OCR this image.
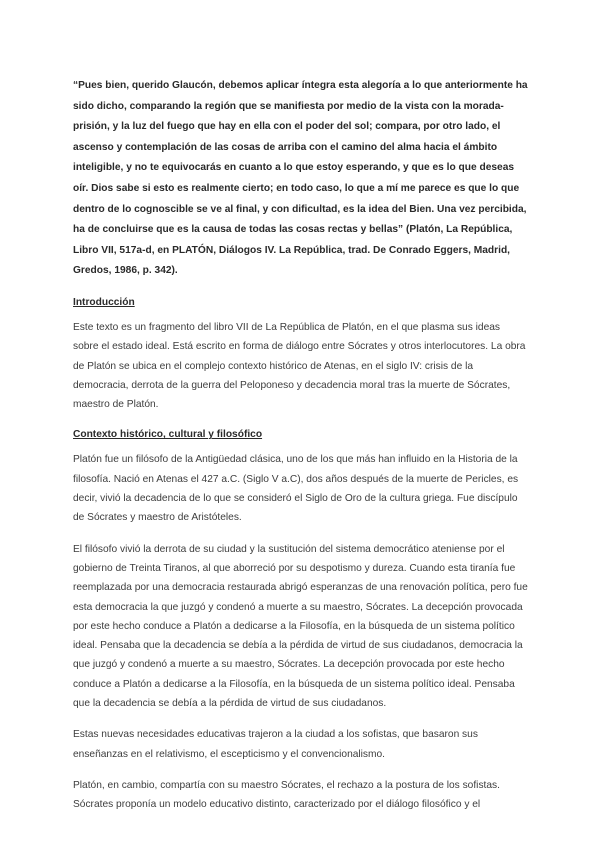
“Pues bien, querido Glaucón, debemos aplicar íntegra esta alegoría a lo que anteriormente ha sido dicho, comparando la región que se manifiesta por medio de la vista con la morada-prisión, y la luz del fuego que hay en ella con el poder del sol; compara, por otro lado, el ascenso y contemplación de las cosas de arriba con el camino del alma hacia el ámbito inteligible, y no te equivocarás en cuanto a lo que estoy esperando, y que es lo que deseas oír. Dios sabe si esto es realmente cierto; en todo caso, lo que a mí me parece es que lo que dentro de lo cognoscible se ve al final, y con dificultad, es la idea del Bien. Una vez percibida, ha de concluirse que es la causa de todas las cosas rectas y bellas” (Platón, La República, Libro VII, 517a-d, en PLATÓN, Diálogos IV. La República, trad. De Conrado Eggers, Madrid, Gredos, 1986, p. 342).

Introducción

Este texto es un fragmento del libro VII de La República de Platón, en el que plasma sus ideas sobre el estado ideal. Está escrito en forma de diálogo entre Sócrates y otros interlocutores. La obra de Platón se ubica en el complejo contexto histórico de Atenas, en el siglo IV: crisis de la democracia, derrota de la guerra del Peloponeso y decadencia moral tras la muerte de Sócrates, maestro de Platón.

Contexto histórico, cultural y filosófico

Platón fue un filósofo de la Antigüedad clásica, uno de los que más han influido en la Historia de la filosofía. Nació en Atenas el 427 a.C. (Siglo V a.C), dos años después de la muerte de Pericles, es decir, vivió la decadencia de lo que se consideró el Siglo de Oro de la cultura griega. Fue discípulo de Sócrates y maestro de Aristóteles.

El filósofo vivió la derrota de su ciudad y la sustitución del sistema democrático ateniense por el gobierno de Treinta Tiranos, al que aborreció por su despotismo y dureza. Cuando esta tiranía fue reemplazada por una democracia restaurada abrigó esperanzas de una renovación política, pero fue esta democracia la que juzgó y condenó a muerte a su maestro, Sócrates. La decepción provocada por este hecho conduce a Platón a dedicarse a la Filosofía, en la búsqueda de un sistema político ideal. Pensaba que la decadencia se debía a la pérdida de virtud de sus ciudadanos, democracia la que juzgó y condenó a muerte a su maestro, Sócrates. La decepción provocada por este hecho conduce a Platón a dedicarse a la Filosofía, en la búsqueda de un sistema político ideal. Pensaba que la decadencia se debía a la pérdida de virtud de sus ciudadanos.

Estas nuevas necesidades educativas trajeron a la ciudad a los sofistas, que basaron sus enseñanzas en el relativismo, el escepticismo y el convencionalismo.

Platón, en cambio, compartía con su maestro Sócrates, el rechazo a la postura de los sofistas. Sócrates proponía un modelo educativo distinto, caracterizado por el diálogo filosófico y el
